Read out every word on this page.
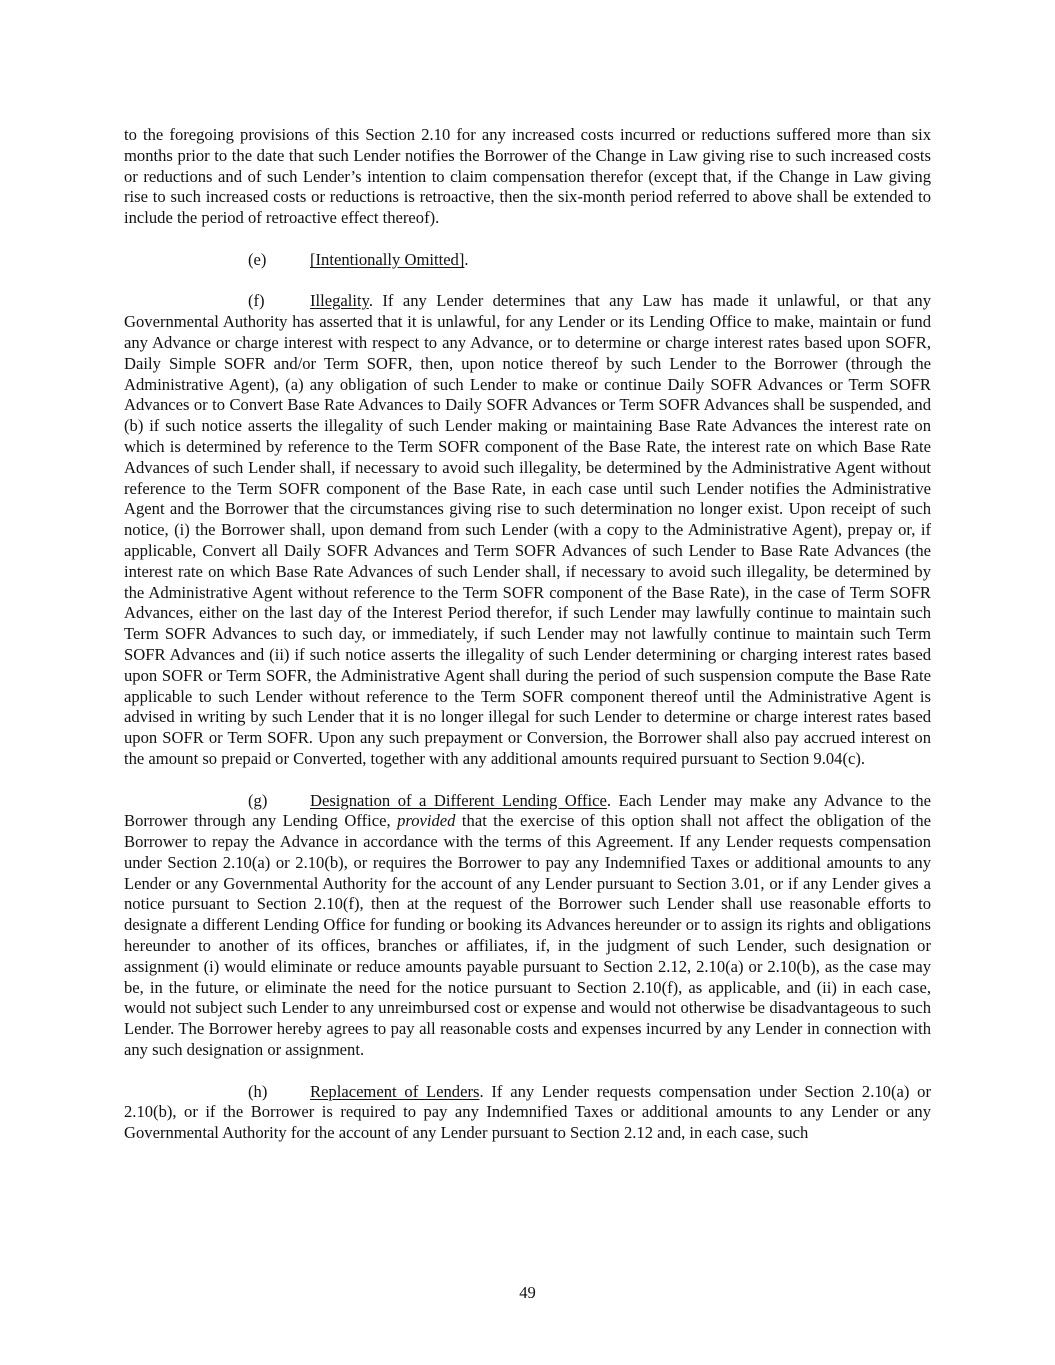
to the foregoing provisions of this Section 2.10 for any increased costs incurred or reductions suffered more than six months prior to the date that such Lender notifies the Borrower of the Change in Law giving rise to such increased costs or reductions and of such Lender’s intention to claim compensation therefor (except that, if the Change in Law giving rise to such increased costs or reductions is retroactive, then the six-month period referred to above shall be extended to include the period of retroactive effect thereof).

(e)	[Intentionally Omitted].

(f)	Illegality. If any Lender determines that any Law has made it unlawful, or that any Governmental Authority has asserted that it is unlawful, for any Lender or its Lending Office to make, maintain or fund any Advance or charge interest with respect to any Advance, or to determine or charge interest rates based upon SOFR, Daily Simple SOFR and/or Term SOFR, then, upon notice thereof by such Lender to the Borrower (through the Administrative Agent), (a) any obligation of such Lender to make or continue Daily SOFR Advances or Term SOFR Advances or to Convert Base Rate Advances to Daily SOFR Advances or Term SOFR Advances shall be suspended, and (b) if such notice asserts the illegality of such Lender making or maintaining Base Rate Advances the interest rate on which is determined by reference to the Term SOFR component of the Base Rate, the interest rate on which Base Rate Advances of such Lender shall, if necessary to avoid such illegality, be determined by the Administrative Agent without reference to the Term SOFR component of the Base Rate, in each case until such Lender notifies the Administrative Agent and the Borrower that the circumstances giving rise to such determination no longer exist. Upon receipt of such notice, (i) the Borrower shall, upon demand from such Lender (with a copy to the Administrative Agent), prepay or, if applicable, Convert all Daily SOFR Advances and Term SOFR Advances of such Lender to Base Rate Advances (the interest rate on which Base Rate Advances of such Lender shall, if necessary to avoid such illegality, be determined by the Administrative Agent without reference to the Term SOFR component of the Base Rate), in the case of Term SOFR Advances, either on the last day of the Interest Period therefor, if such Lender may lawfully continue to maintain such Term SOFR Advances to such day, or immediately, if such Lender may not lawfully continue to maintain such Term SOFR Advances and (ii) if such notice asserts the illegality of such Lender determining or charging interest rates based upon SOFR or Term SOFR, the Administrative Agent shall during the period of such suspension compute the Base Rate applicable to such Lender without reference to the Term SOFR component thereof until the Administrative Agent is advised in writing by such Lender that it is no longer illegal for such Lender to determine or charge interest rates based upon SOFR or Term SOFR. Upon any such prepayment or Conversion, the Borrower shall also pay accrued interest on the amount so prepaid or Converted, together with any additional amounts required pursuant to Section 9.04(c).

(g)	Designation of a Different Lending Office. Each Lender may make any Advance to the Borrower through any Lending Office, provided that the exercise of this option shall not affect the obligation of the Borrower to repay the Advance in accordance with the terms of this Agreement. If any Lender requests compensation under Section 2.10(a) or 2.10(b), or requires the Borrower to pay any Indemnified Taxes or additional amounts to any Lender or any Governmental Authority for the account of any Lender pursuant to Section 3.01, or if any Lender gives a notice pursuant to Section 2.10(f), then at the request of the Borrower such Lender shall use reasonable efforts to designate a different Lending Office for funding or booking its Advances hereunder or to assign its rights and obligations hereunder to another of its offices, branches or affiliates, if, in the judgment of such Lender, such designation or assignment (i) would eliminate or reduce amounts payable pursuant to Section 2.12, 2.10(a) or 2.10(b), as the case may be, in the future, or eliminate the need for the notice pursuant to Section 2.10(f), as applicable, and (ii) in each case, would not subject such Lender to any unreimbursed cost or expense and would not otherwise be disadvantageous to such Lender. The Borrower hereby agrees to pay all reasonable costs and expenses incurred by any Lender in connection with any such designation or assignment.

(h)	Replacement of Lenders. If any Lender requests compensation under Section 2.10(a) or 2.10(b), or if the Borrower is required to pay any Indemnified Taxes or additional amounts to any Lender or any Governmental Authority for the account of any Lender pursuant to Section 2.12 and, in each case, such

49
